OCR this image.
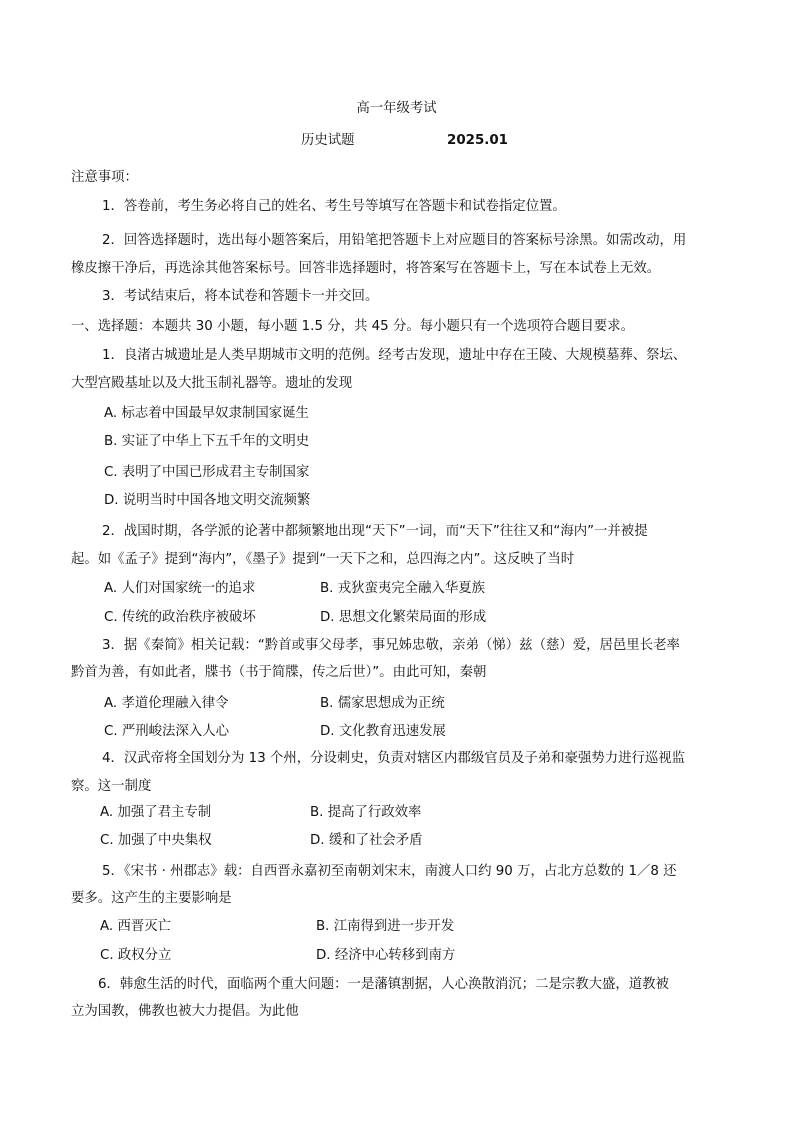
高一年级考试
历史试题	2025.01
注意事项：
1．答卷前，考生务必将自己的姓名、考生号等填写在答题卡和试卷指定位置。
2．回答选择题时，选出每小题答案后，用铅笔把答题卡上对应题目的答案标号涂黑。如需改动，用
橡皮擦干净后，再选涂其他答案标号。回答非选择题时，将答案写在答题卡上，写在本试卷上无效。
3．考试结束后，将本试卷和答题卡一并交回。
一、选择题：本题共 30 小题，每小题 1.5 分，共 45 分。每小题只有一个选项符合题目要求。
1．良渚古城遗址是人类早期城市文明的范例。经考古发现，遗址中存在王陵、大规模墓葬、祭坛、
大型宫殿基址以及大批玉制礼器等。遗址的发现
A. 标志着中国最早奴隶制国家诞生
B. 实证了中华上下五千年的文明史
C. 表明了中国已形成君主专制国家
D. 说明当时中国各地文明交流频繁
2．战国时期，各学派的论著中都频繁地出现“天下”一词，而“天下”往往又和“海内”一并被提
起。如《孟子》提到“海内”，《墨子》提到“一天下之和，总四海之内”。这反映了当时
A. 人们对国家统一的追求	B. 戎狄蛮夷完全融入华夏族
C. 传统的政治秩序被破坏	D. 思想文化繁荣局面的形成
3．据《秦简》相关记载：“黔首或事父母孝，事兄姊忠敬，亲弟（悌）兹（慈）爱，居邑里长老率
黔首为善，有如此者，牒书（书于简牒，传之后世）”。由此可知，秦朝
A. 孝道伦理融入律令	B. 儒家思想成为正统
C. 严刑峻法深入人心	D. 文化教育迅速发展
4．汉武帝将全国划分为 13 个州，分设刺史，负责对辖区内郡级官员及子弟和豪强势力进行巡视监
察。这一制度
A. 加强了君主专制	B. 提高了行政效率
C. 加强了中央集权	D. 缓和了社会矛盾
5．《宋书 · 州郡志》载：自西晋永嘉初至南朝刘宋末，南渡人口约 90 万，占北方总数的 1／8 还
要多。这产生的主要影响是
A. 西晋灭亡	B. 江南得到进一步开发
C. 政权分立	D. 经济中心转移到南方
6．韩愈生活的时代，面临两个重大问题：一是藩镇割据，人心涣散消沉；二是宗教大盛，道教被
立为国教，佛教也被大力提倡。为此他
